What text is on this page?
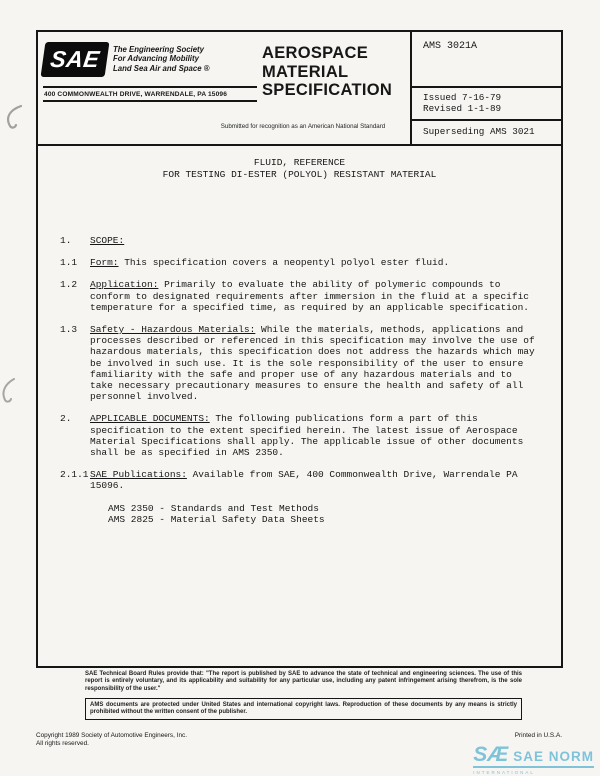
SAE The Engineering Society
For Advancing Mobility
Land Sea Air and Space ®
400 COMMONWEALTH DRIVE, WARRENDALE, PA 15096
AEROSPACE
MATERIAL
SPECIFICATION
Submitted for recognition as an American National Standard
AMS 3021A
Issued 7-16-79
Revised 1-1-89
Superseding AMS 3021
FLUID, REFERENCE
FOR TESTING DI-ESTER (POLYOL) RESISTANT MATERIAL
1.	SCOPE:
1.1	Form: This specification covers a neopentyl polyol ester fluid.
1.2	Application: Primarily to evaluate the ability of polymeric compounds to conform to designated requirements after immersion in the fluid at a specific temperature for a specified time, as required by an applicable specification.
1.3	Safety - Hazardous Materials: While the materials, methods, applications and processes described or referenced in this specification may involve the use of hazardous materials, this specification does not address the hazards which may be involved in such use. It is the sole responsibility of the user to ensure familiarity with the safe and proper use of any hazardous materials and to take necessary precautionary measures to ensure the health and safety of all personnel involved.
2.	APPLICABLE DOCUMENTS: The following publications form a part of this specification to the extent specified herein. The latest issue of Aerospace Material Specifications shall apply. The applicable issue of other documents shall be as specified in AMS 2350.
2.1.1 SAE Publications: Available from SAE, 400 Commonwealth Drive, Warrendale PA 15096.
AMS 2350 - Standards and Test Methods
AMS 2825 - Material Safety Data Sheets

SAE Technical Board Rules provide that: "The report is published by SAE to advance the state of technical and engineering sciences. The use of this report is entirely voluntary, and its applicability and suitability for any particular use, including any patent infringement arising therefrom, is the sole responsibility of the user."

AMS documents are protected under United States and international copyright laws. Reproduction of these documents by any means is strictly prohibited without the written consent of the publisher.

Copyright 1989 Society of Automotive Engineers, Inc.
All rights reserved.
Printed in U.S.A.
SÆ SAE NORM
INTERNATIONAL
